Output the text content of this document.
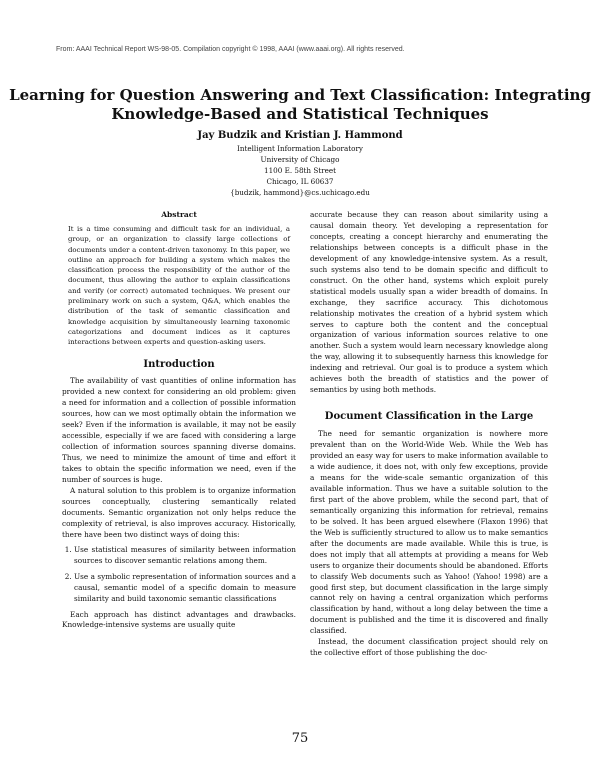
From: AAAI Technical Report WS-98-05. Compilation copyright © 1998, AAAI (www.aaai.org). All rights reserved.
Learning for Question Answering and Text Classification: Integrating
Knowledge-Based and Statistical Techniques
Jay Budzik and Kristian J. Hammond
Intelligent Information Laboratory
University of Chicago
1100 E. 58th Street
Chicago, IL 60637
{budzik, hammond}@cs.uchicago.edu
Abstract
It is a time consuming and difficult task for an individual, a group, or an organization to classify large collections of documents under a content-driven taxonomy. In this paper, we outline an approach for building a system which makes the classification process the responsibility of the author of the document, thus allowing the author to explain classifications and verify (or correct) automated techniques. We present our preliminary work on such a system, Q&A, which enables the distribution of the task of semantic classification and knowledge acquisition by simultaneously learning taxonomic categorizations and document indices as it captures interactions between experts and question-asking users.
Introduction

The availability of vast quantities of online information has provided a new context for considering an old problem: given a need for information and a collection of possible information sources, how can we most optimally obtain the information we seek? Even if the information is available, it may not be easily accessible, especially if we are faced with considering a large collection of information sources spanning diverse domains. Thus, we need to minimize the amount of time and effort it takes to obtain the specific information we need, even if the number of sources is huge.

A natural solution to this problem is to organize information sources conceptually, clustering semantically related documents. Semantic organization not only helps reduce the complexity of retrieval, is also improves accuracy. Historically, there have been two distinct ways of doing this:

1. Use statistical measures of similarity between information sources to discover semantic relations among them.
2. Use a symbolic representation of information sources and a causal, semantic model of a specific domain to measure similarity and build taxonomic semantic classifications

Each approach has distinct advantages and drawbacks. Knowledge-intensive systems are usually quite

accurate because they can reason about similarity using a causal domain theory. Yet developing a representation for concepts, creating a concept hierarchy and enumerating the relationships between concepts is a difficult phase in the development of any knowledge-intensive system. As a result, such systems also tend to be domain specific and difficult to construct. On the other hand, systems which exploit purely statistical models usually span a wider breadth of domains. In exchange, they sacrifice accuracy. This dichotomous relationship motivates the creation of a hybrid system which serves to capture both the content and the conceptual organization of various information sources relative to one another. Such a system would learn necessary knowledge along the way, allowing it to subsequently harness this knowledge for indexing and retrieval. Our goal is to produce a system which achieves both the breadth of statistics and the power of semantics by using both methods.

Document Classification in the Large

The need for semantic organization is nowhere more prevalent than on the World-Wide Web. While the Web has provided an easy way for users to make information available to a wide audience, it does not, with only few exceptions, provide a means for the wide-scale semantic organization of this available information. Thus we have a suitable solution to the first part of the above problem, while the second part, that of semantically organizing this information for retrieval, remains to be solved. It has been argued elsewhere (Flaxon 1996) that the Web is sufficiently structured to allow us to make semantics after the documents are made available. While this is true, is does not imply that all attempts at providing a means for Web users to organize their documents should be abandoned. Efforts to classify Web documents such as Yahoo! (Yahoo! 1998) are a good first step, but document classification in the large simply cannot rely on having a central organization which performs classification by hand, without a long delay between the time a document is published and the time it is discovered and finally classified.

Instead, the document classification project should rely on the collective effort of those publishing the doc-

75
